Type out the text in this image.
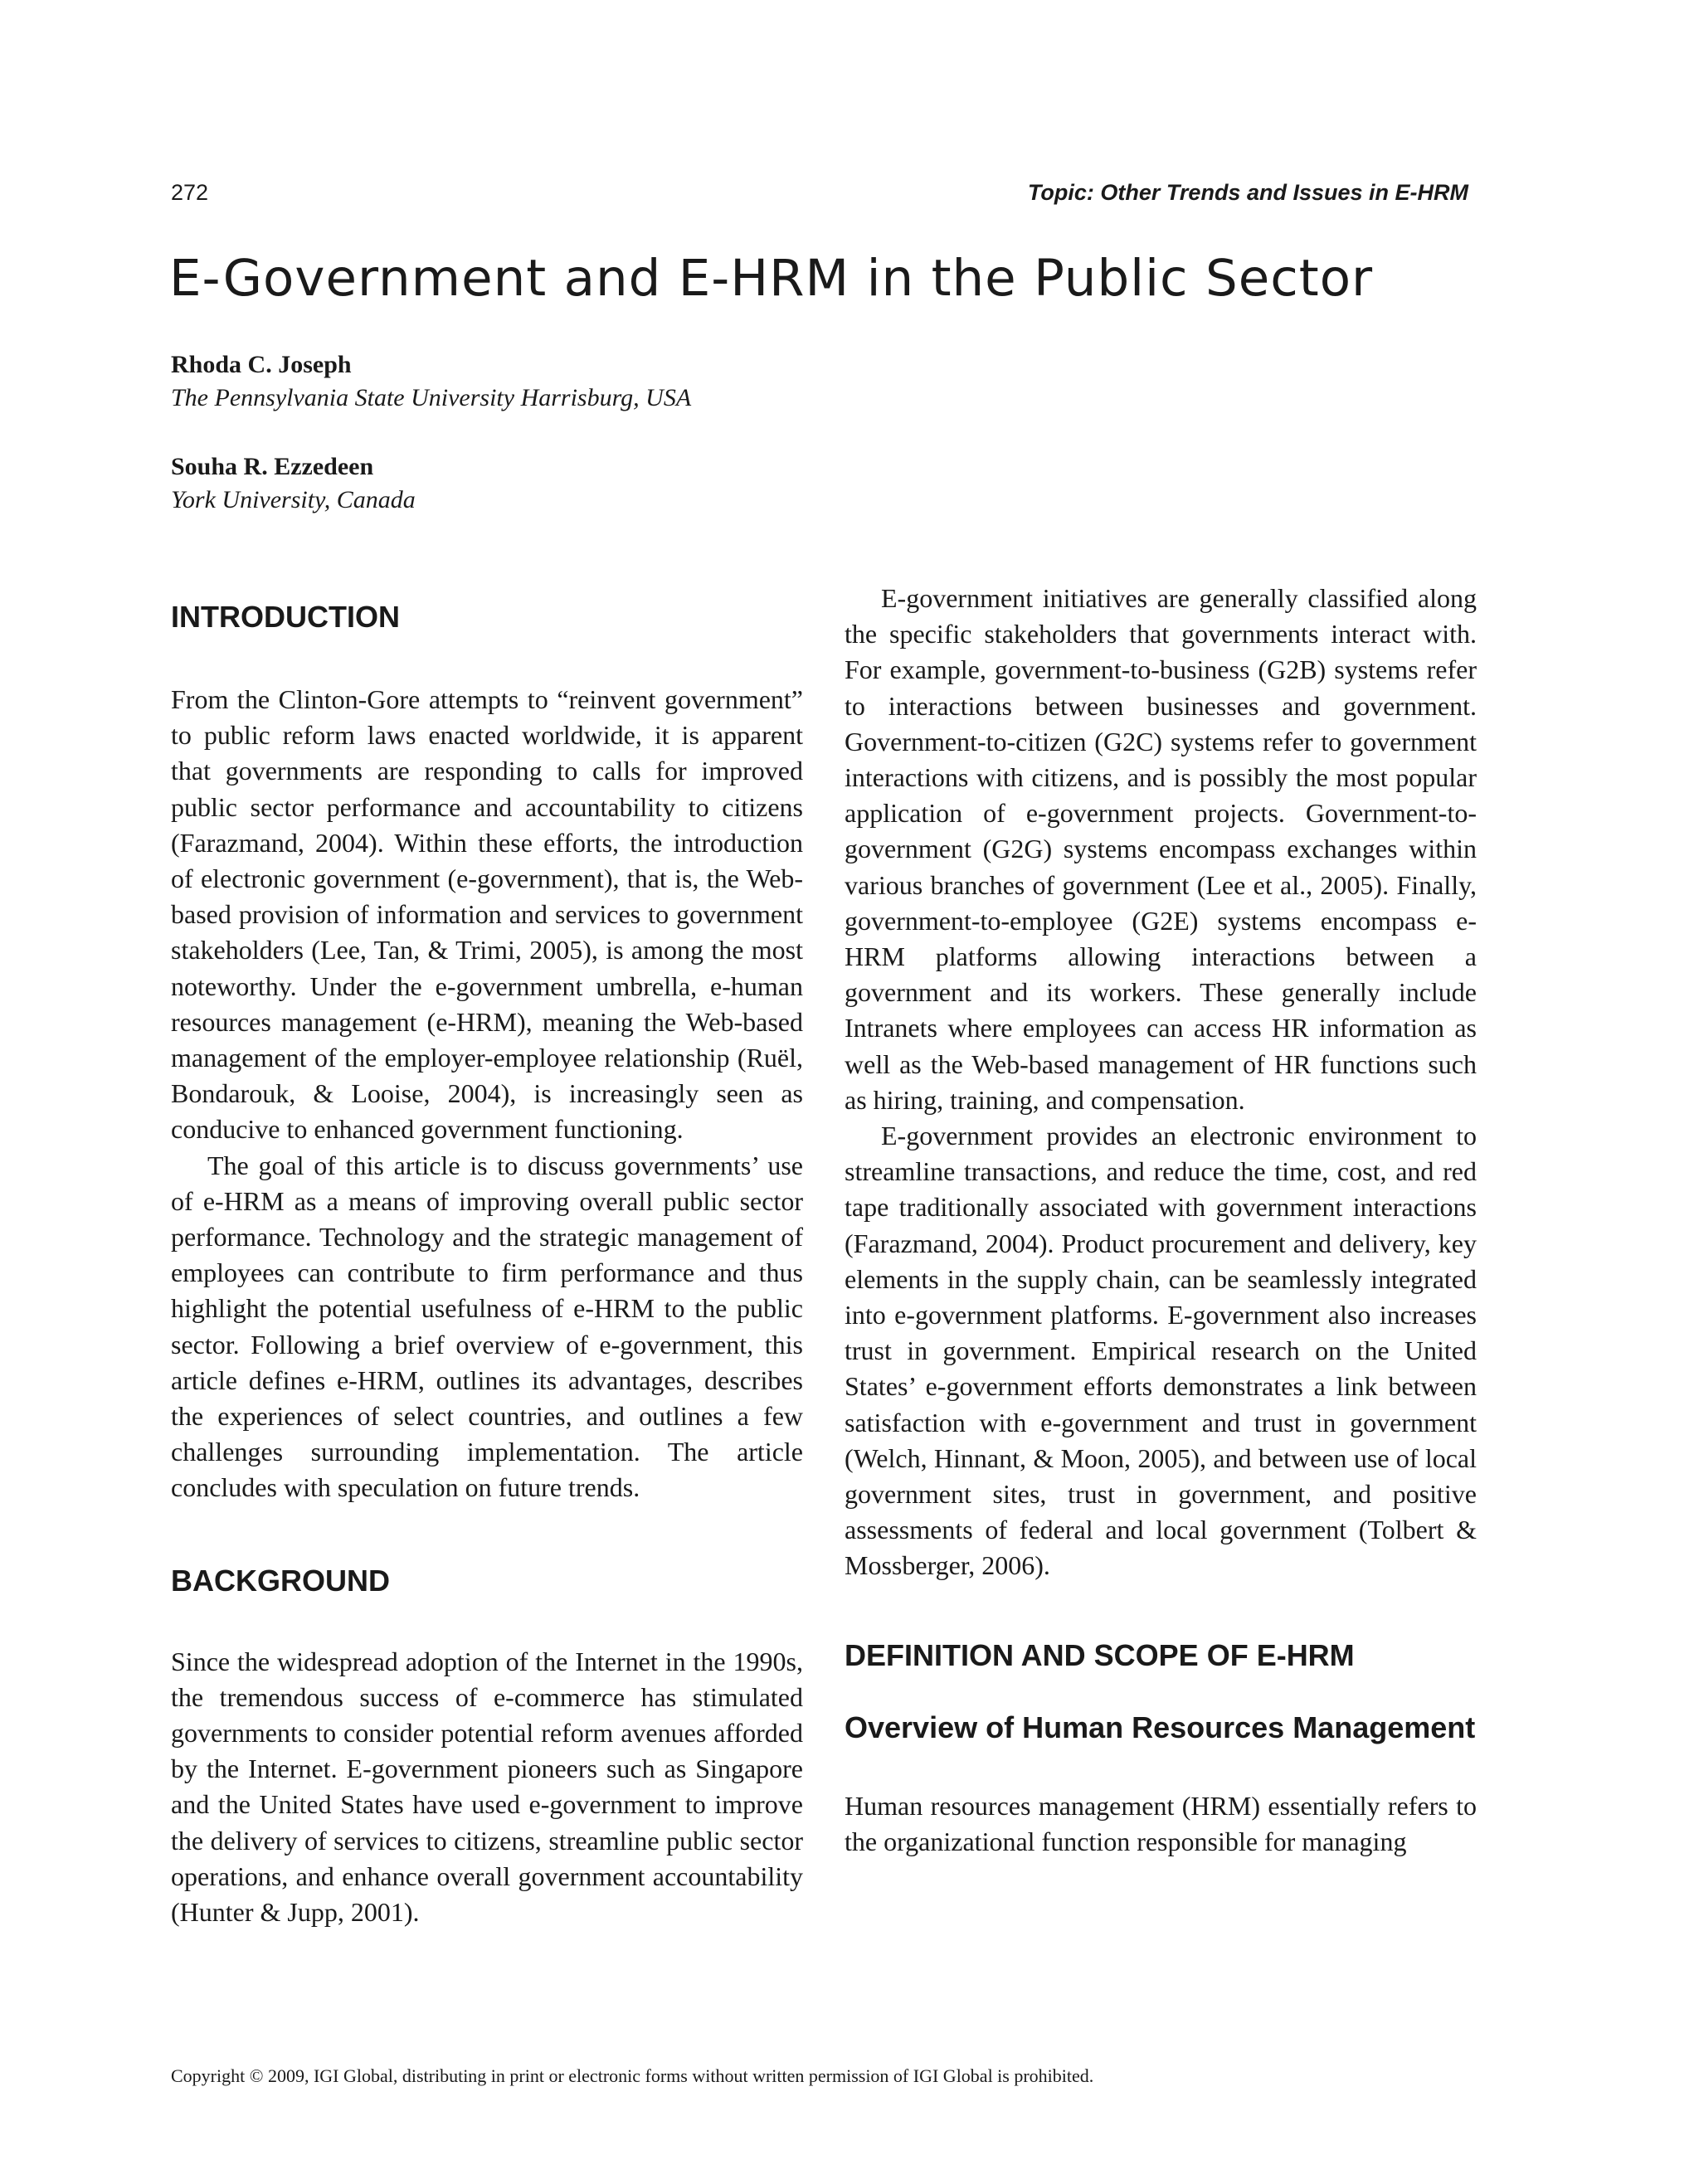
272	Topic: Other Trends and Issues in E-HRM
E-Government and E-HRM in the Public Sector
Rhoda C. Joseph
The Pennsylvania State University Harrisburg, USA
Souha R. Ezzedeen
York University, Canada
INTRODUCTION

From the Clinton-Gore attempts to “reinvent government” to public reform laws enacted worldwide, it is apparent that governments are responding to calls for improved public sector performance and accountability to citizens (Farazmand, 2004). Within these efforts, the introduction of electronic government (e-government), that is, the Web-based provision of information and services to government stakeholders (Lee, Tan, & Trimi, 2005), is among the most noteworthy. Under the e-government umbrella, e-human resources management (e-HRM), meaning the Web-based management of the employer-employee relationship (Ruël, Bondarouk, & Looise, 2004), is increasingly seen as conducive to enhanced government functioning.

The goal of this article is to discuss governments’ use of e-HRM as a means of improving overall public sector performance. Technology and the strategic management of employees can contribute to firm performance and thus highlight the potential usefulness of e-HRM to the public sector. Following a brief overview of e-government, this article defines e-HRM, outlines its advantages, describes the experiences of select countries, and outlines a few challenges surrounding implementation. The article concludes with speculation on future trends.

BACKGROUND

Since the widespread adoption of the Internet in the 1990s, the tremendous success of e-commerce has stimulated governments to consider potential reform avenues afforded by the Internet. E-government pioneers such as Singapore and the United States have used e-government to improve the delivery of services to citizens, streamline public sector operations, and enhance overall government accountability (Hunter & Jupp, 2001).

E-government initiatives are generally classified along the specific stakeholders that governments interact with. For example, government-to-business (G2B) systems refer to interactions between businesses and government. Government-to-citizen (G2C) systems refer to government interactions with citizens, and is possibly the most popular application of e-government projects. Government-to-government (G2G) systems encompass exchanges within various branches of government (Lee et al., 2005). Finally, government-to-employee (G2E) systems encompass e-HRM platforms allowing interactions between a government and its workers. These generally include Intranets where employees can access HR information as well as the Web-based management of HR functions such as hiring, training, and compensation.

E-government provides an electronic environment to streamline transactions, and reduce the time, cost, and red tape traditionally associated with government interactions (Farazmand, 2004). Product procurement and delivery, key elements in the supply chain, can be seamlessly integrated into e-government platforms. E-government also increases trust in government. Empirical research on the United States’ e-government efforts demonstrates a link between satisfaction with e-government and trust in government (Welch, Hinnant, & Moon, 2005), and between use of local government sites, trust in government, and positive assessments of federal and local government (Tolbert & Mossberger, 2006).

DEFINITION AND SCOPE OF E-HRM
Overview of Human Resources Management

Human resources management (HRM) essentially refers to the organizational function responsible for managing

Copyright © 2009, IGI Global, distributing in print or electronic forms without written permission of IGI Global is prohibited.
